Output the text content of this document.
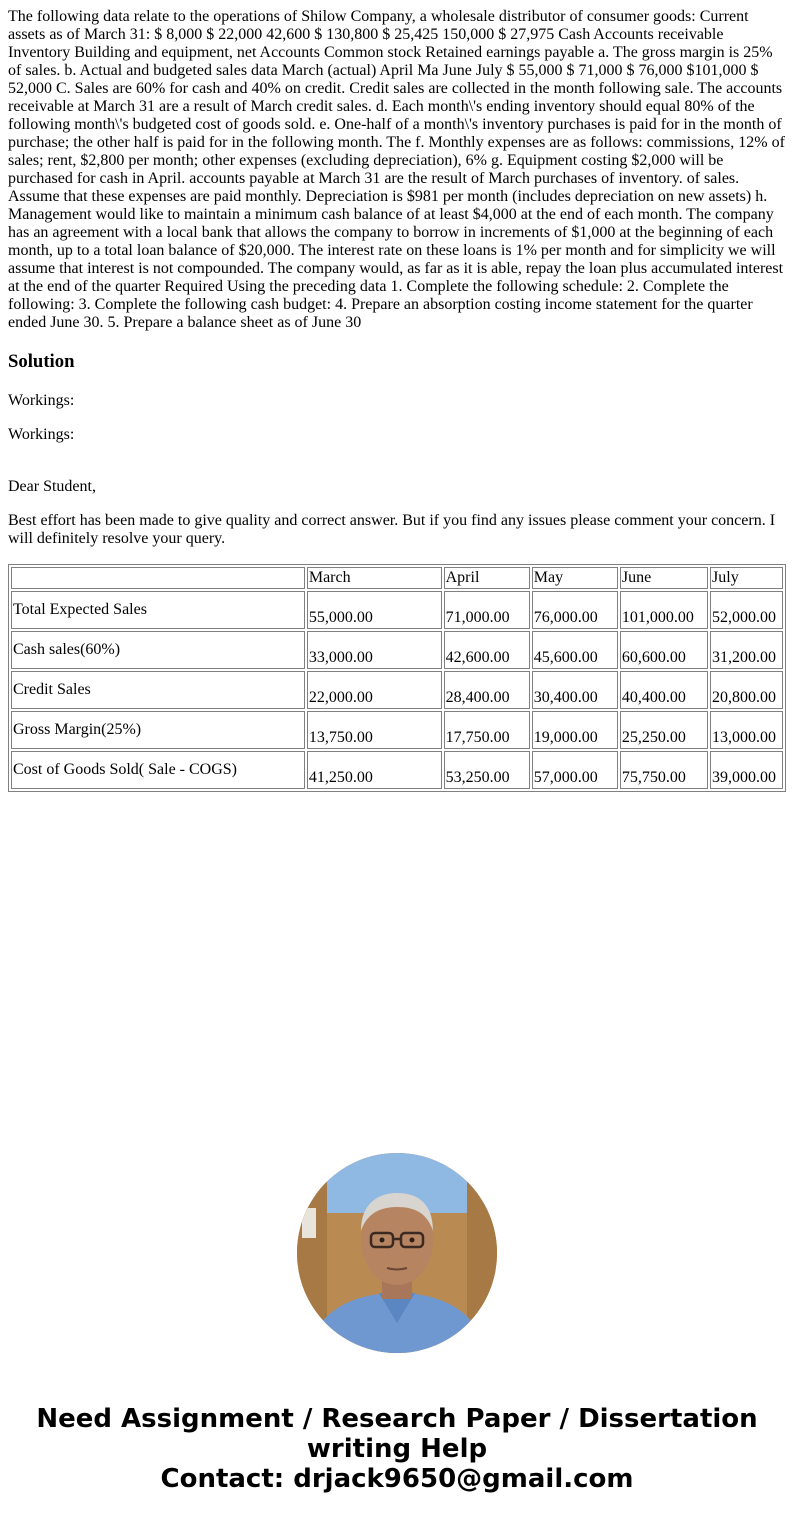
The following data relate to the operations of Shilow Company, a wholesale distributor of consumer goods: Current assets as of March 31: $ 8,000 $ 22,000 42,600 $ 130,800 $ 25,425 150,000 $ 27,975 Cash Accounts receivable Inventory Building and equipment, net Accounts Common stock Retained earnings payable a. The gross margin is 25% of sales. b. Actual and budgeted sales data March (actual) April Ma June July $ 55,000 $ 71,000 $ 76,000 $101,000 $ 52,000 C. Sales are 60% for cash and 40% on credit. Credit sales are collected in the month following sale. The accounts receivable at March 31 are a result of March credit sales. d. Each month\'s ending inventory should equal 80% of the following month\'s budgeted cost of goods sold. e. One-half of a month\'s inventory purchases is paid for in the month of purchase; the other half is paid for in the following month. The f. Monthly expenses are as follows: commissions, 12% of sales; rent, $2,800 per month; other expenses (excluding depreciation), 6% g. Equipment costing $2,000 will be purchased for cash in April. accounts payable at March 31 are the result of March purchases of inventory. of sales. Assume that these expenses are paid monthly. Depreciation is $981 per month (includes depreciation on new assets) h. Management would like to maintain a minimum cash balance of at least $4,000 at the end of each month. The company has an agreement with a local bank that allows the company to borrow in increments of $1,000 at the beginning of each month, up to a total loan balance of $20,000. The interest rate on these loans is 1% per month and for simplicity we will assume that interest is not compounded. The company would, as far as it is able, repay the loan plus accumulated interest at the end of the quarter Required Using the preceding data 1. Complete the following schedule: 2. Complete the following: 3. Complete the following cash budget: 4. Prepare an absorption costing income statement for the quarter ended June 30. 5. Prepare a balance sheet as of June 30
Solution

Workings:

Workings:

Dear Student,

Best effort has been made to give quality and correct answer. But if you find any issues please comment your concern. I will definitely resolve your query.

	March	April	May	June	July
Total Expected Sales	55,000.00	71,000.00	76,000.00	101,000.00	52,000.00
Cash sales(60%)	33,000.00	42,600.00	45,600.00	60,600.00	31,200.00
Credit Sales	22,000.00	28,400.00	30,400.00	40,400.00	20,800.00
Gross Margin(25%)	13,750.00	17,750.00	19,000.00	25,250.00	13,000.00
Cost of Goods Sold( Sale - COGS)	41,250.00	53,250.00	57,000.00	75,750.00	39,000.00
Need Assignment / Research Paper / Dissertation
writing Help
Contact: drjack9650@gmail.com
